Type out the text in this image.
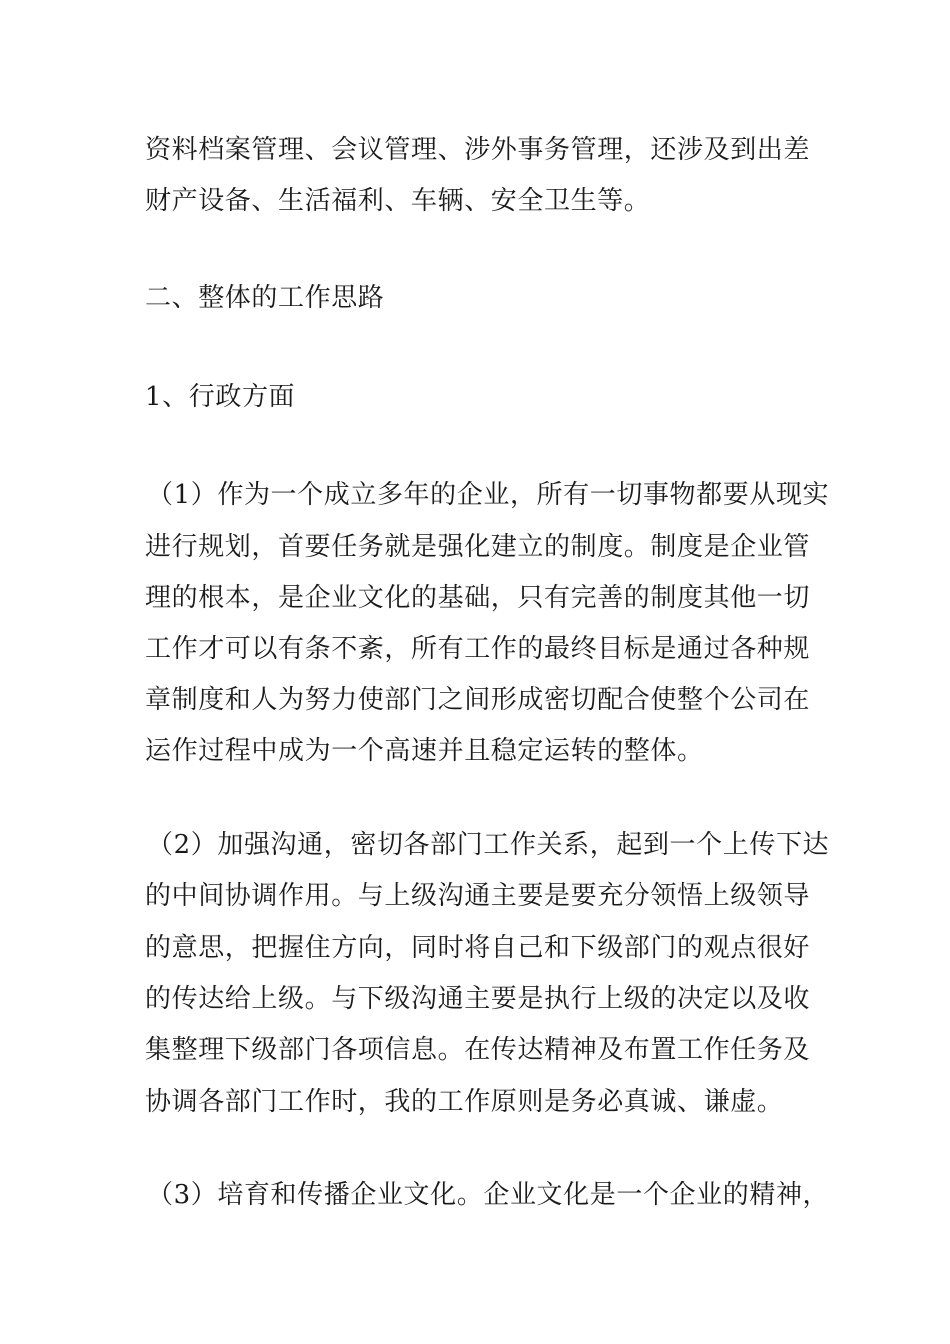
资料档案管理、会议管理、涉外事务管理，还涉及到出差
财产设备、生活福利、车辆、安全卫生等。
二、整体的工作思路
1、行政方面
（1）作为一个成立多年的企业，所有一切事物都要从现实
进行规划，首要任务就是强化建立的制度。制度是企业管
理的根本，是企业文化的基础，只有完善的制度其他一切
工作才可以有条不紊，所有工作的最终目标是通过各种规
章制度和人为努力使部门之间形成密切配合使整个公司在
运作过程中成为一个高速并且稳定运转的整体。
（2）加强沟通，密切各部门工作关系，起到一个上传下达
的中间协调作用。与上级沟通主要是要充分领悟上级领导
的意思，把握住方向，同时将自己和下级部门的观点很好
的传达给上级。与下级沟通主要是执行上级的决定以及收
集整理下级部门各项信息。在传达精神及布置工作任务及
协调各部门工作时，我的工作原则是务必真诚、谦虚。
（3）培育和传播企业文化。企业文化是一个企业的精神，
